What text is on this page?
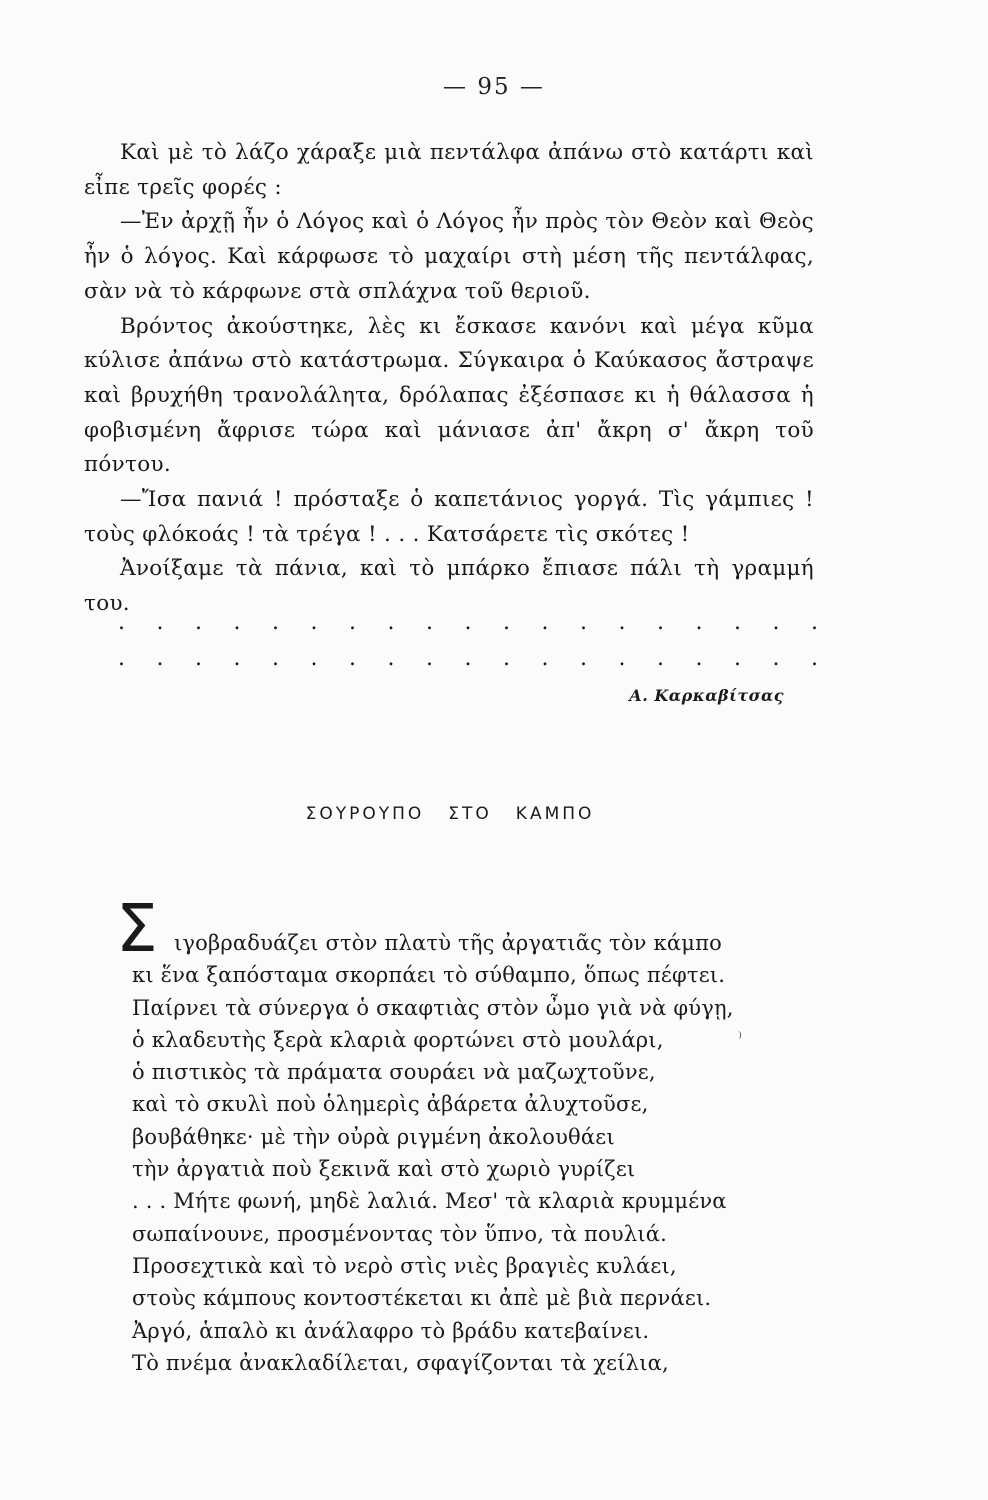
— 95 —

Καὶ μὲ τὸ λάζο χάραξε μιὰ πεντάλφα ἀπάνω στὸ κατάρτι καὶ εἶπε τρεῖς φορές :

—Ἐν ἀρχῇ ἦν ὁ Λόγος καὶ ὁ Λόγος ἦν πρὸς τὸν Θεὸν καὶ Θεὸς ἦν ὁ λόγος. Καὶ κάρφωσε τὸ μαχαίρι στὴ μέση τῆς πεντάλφας, σὰν νὰ τὸ κάρφωνε στὰ σπλάχνα τοῦ θεριοῦ.

Βρόντος ἀκούστηκε, λὲς κι ἔσκασε κανόνι καὶ μέγα κῦμα κύλισε ἀπάνω στὸ κατάστρωμα. Σύγκαιρα ὁ Καύκασος ἄστραψε καὶ βρυχήθη τρανολάλητα, δρόλαπας ἐξέσπασε κι ἡ θάλασσα ἡ φοβισμένη ἄφρισε τώρα καὶ μάνιασε ἀπ' ἄκρη σ' ἄκρη τοῦ πόντου.

—Ἴσα πανιά ! πρόσταξε ὁ καπετάνιος γοργά. Τὶς γάμπιες ! τοὺς φλόκοάς ! τὰ τρέγα ! . . . Κατσάρετε τὶς σκότες !

Ἀνοίξαμε τὰ πάνια, καὶ τὸ μπάρκο ἔπιασε πάλι τὴ γραμμή του.

. . . . . . . . . . . . . . . . . . .
. . . . . . . . . . . . . . . . . . .
Α. Καρκαβίτσας
ΣΟΥΡΟΥΠΟ ΣΤΟ ΚΑΜΠΟ
Σ ιγοβραδυάζει στὸν πλατὺ τῆς ἀργατιᾶς τὸν κάμπο
κι ἕνα ξαπόσταμα σκορπάει τὸ σύθαμπο, ὅπως πέφτει.
Παίρνει τὰ σύνεργα ὁ σκαφτιὰς στὸν ὦμο γιὰ νὰ φύγῃ,
ὁ κλαδευτὴς ξερὰ κλαριὰ φορτώνει στὸ μουλάρι,
ὁ πιστικὸς τὰ πράματα σουράει νὰ μαζωχτοῦνε,
καὶ τὸ σκυλὶ ποὺ ὁλημερὶς ἀβάρετα ἀλυχτοῦσε,
βουβάθηκε· μὲ τὴν οὐρὰ ριγμένη ἀκολουθάει
τὴν ἀργατιὰ ποὺ ξεκινᾶ καὶ στὸ χωριὸ γυρίζει
. . . Μήτε φωνή, μηδὲ λαλιά. Μεσ' τὰ κλαριὰ κρυμμένα
σωπαίνουνε, προσμένοντας τὸν ὕπνο, τὰ πουλιά.
Προσεχτικὰ καὶ τὸ νερὸ στὶς νιὲς βραγιὲς κυλάει,
στοὺς κάμπους κοντοστέκεται κι ἀπὲ μὲ βιὰ περνάει.
Ἀργό, ἁπαλὸ κι ἀνάλαφρο τὸ βράδυ κατεβαίνει.
Τὸ πνέμα ἀνακλαδίλεται, σφαγίζονται τὰ χείλια,
⁾
